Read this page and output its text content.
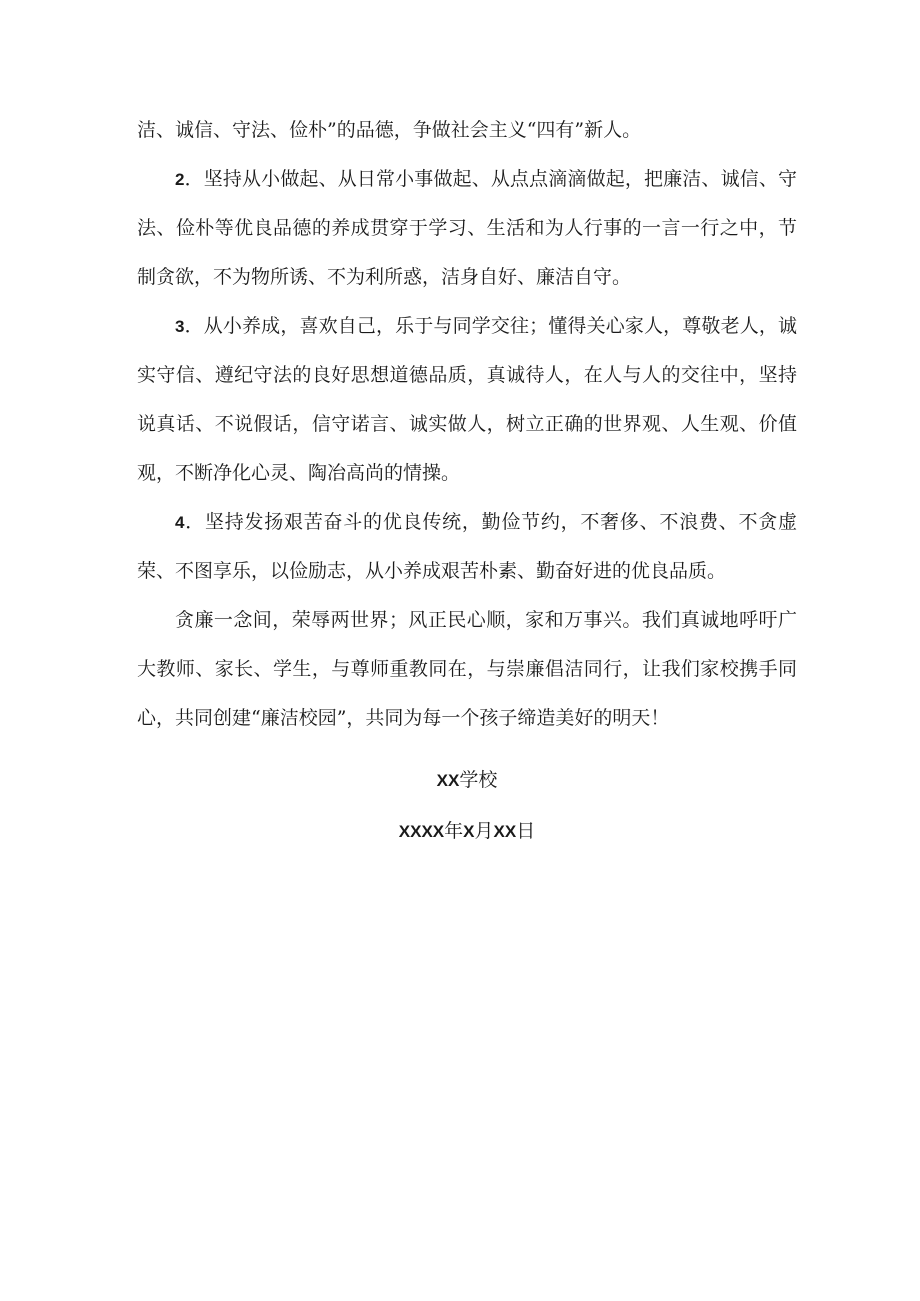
洁、诚信、守法、俭朴”的品德，争做社会主义“四有”新人。

2．坚持从小做起、从日常小事做起、从点点滴滴做起，把廉洁、诚信、守法、俭朴等优良品德的养成贯穿于学习、生活和为人行事的一言一行之中，节制贪欲，不为物所诱、不为利所惑，洁身自好、廉洁自守。

3．从小养成，喜欢自己，乐于与同学交往；懂得关心家人，尊敬老人，诚实守信、遵纪守法的良好思想道德品质，真诚待人，在人与人的交往中，坚持说真话、不说假话，信守诺言、诚实做人，树立正确的世界观、人生观、价值观，不断净化心灵、陶冶高尚的情操。

4．坚持发扬艰苦奋斗的优良传统，勤俭节约，不奢侈、不浪费、不贪虚荣、不图享乐，以俭励志，从小养成艰苦朴素、勤奋好进的优良品质。

贪廉一念间，荣辱两世界；风正民心顺，家和万事兴。我们真诚地呼吁广大教师、家长、学生，与尊师重教同在，与崇廉倡洁同行，让我们家校携手同心，共同创建“廉洁校园”，共同为每一个孩子缔造美好的明天！

XX学校

XXXX年X月XX日
